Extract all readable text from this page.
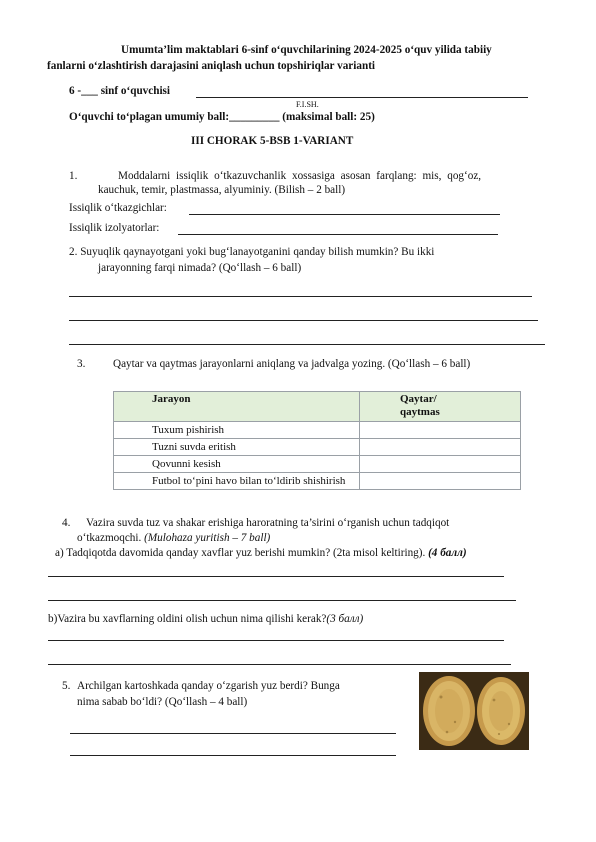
Umumta’lim maktablari 6-sinf o‘quvchilarining 2024-2025 o‘quv yilida tabiiy
fanlarni o‘zlashtirish darajasini aniqlash uchun topshiriqlar varianti
6 -___ sinf o‘quvchisi
F.I.SH.
O‘quvchi to‘plagan umumiy ball:_________ (maksimal ball: 25)
III CHORAK 5-BSB 1-VARIANT
1.	Moddalarni issiqlik o‘tkazuvchanlik xossasiga asosan farqlang: mis, qog‘oz,
kauchuk, temir, plastmassa, alyuminiy. (Bilish – 2 ball)
Issiqlik o‘tkazgichlar:
Issiqlik izolyatorlar:
2. Suyuqlik qaynayotgani yoki bug‘lanayotganini qanday bilish mumkin? Bu ikki
jarayonning farqi nimada? (Qo‘llash – 6 ball)
3. Qaytar va qaytmas jarayonlarni aniqlang va jadvalga yozing. (Qo‘llash – 6 ball)
Jarayon	Qaytar/
qaytmas
Tuxum pishirish	
Tuzni suvda eritish	
Qovunni kesish	
Futbol to‘pini havo bilan to‘ldirib shishirish	
4. Vazira suvda tuz va shakar erishiga haroratning ta’sirini o‘rganish uchun tadqiqot
o‘tkazmoqchi. (Mulohaza yuritish – 7 ball)
a) Tadqiqotda davomida qanday xavflar yuz berishi mumkin? (2ta misol keltiring). (4 балл)
b)Vazira bu xavflarning oldini olish uchun nima qilishi kerak?(3 балл)
5. Archilgan kartoshkada qanday o‘zgarish yuz berdi? Bunga
nima sabab bo‘ldi? (Qo‘llash – 4 ball)
